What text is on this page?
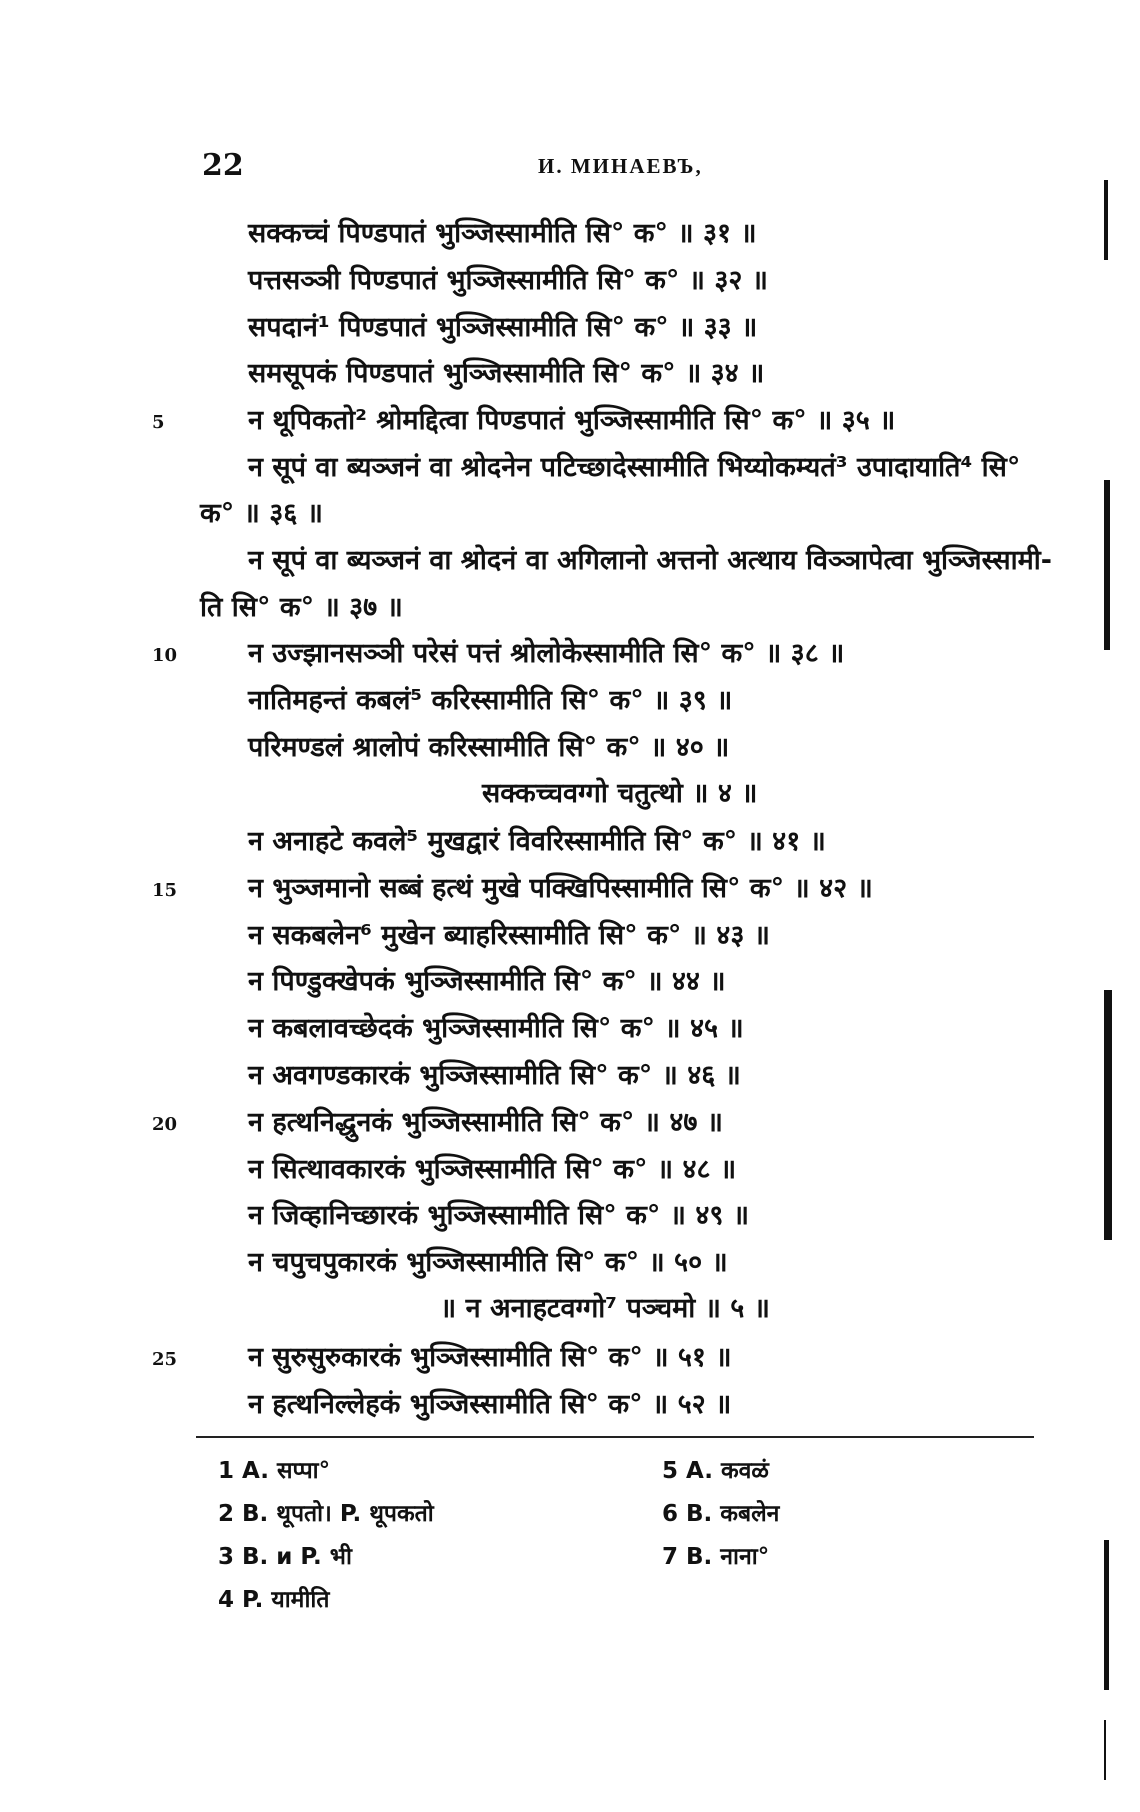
22	И. МИНАЕВЪ,
सक्कच्चं पिण्डपातं भुञ्जिस्सामीति सि° क° ॥ ३१ ॥
पत्तसञ्ञी पिण्डपातं भुञ्जिस्सामीति सि° क° ॥ ३२ ॥
सपदानं¹ पिण्डपातं भुञ्जिस्सामीति सि° क° ॥ ३३ ॥
समसूपकं पिण्डपातं भुञ्जिस्सामीति सि° क° ॥ ३४ ॥
न थूपिकतो² श्रोमद्दित्वा पिण्डपातं भुञ्जिस्सामीति सि° क° ॥ ३५ ॥
न सूपं वा ब्यञ्जनं वा श्रोदनेन पटिच्छादेस्सामीति भिय्योकम्यतं³ उपादायाति⁴ सि°
क° ॥ ३६ ॥
न सूपं वा ब्यञ्जनं वा श्रोदनं वा अगिलानो अत्तनो अत्थाय विञ्ञापेत्वा भुञ्जिस्सामी-
ति सि° क° ॥ ३७ ॥
न उज्झानसञ्ञी परेसं पत्तं श्रोलोकेस्सामीति सि° क° ॥ ३८ ॥
नातिमहन्तं कबलं⁵ करिस्सामीति सि° क° ॥ ३९ ॥
परिमण्डलं श्रालोपं करिस्सामीति सि° क° ॥ ४० ॥
सक्कच्चवग्गो चतुत्थो ॥ ४ ॥
न अनाहटे कवले⁵ मुखद्वारं विवरिस्सामीति सि° क° ॥ ४१ ॥
न भुञ्जमानो सब्बं हत्थं मुखे पक्खिपिस्सामीति सि° क° ॥ ४२ ॥
न सकबलेन⁶ मुखेन ब्याहरिस्सामीति सि° क° ॥ ४३ ॥
न पिण्डुक्खेपकं भुञ्जिस्सामीति सि° क° ॥ ४४ ॥
न कबलावच्छेदकं भुञ्जिस्सामीति सि° क° ॥ ४५ ॥
न अवगण्डकारकं भुञ्जिस्सामीति सि° क° ॥ ४६ ॥
न हत्थनिद्धुनकं भुञ्जिस्सामीति सि° क° ॥ ४७ ॥
न सित्थावकारकं भुञ्जिस्सामीति सि° क° ॥ ४८ ॥
न जिव्हानिच्छारकं भुञ्जिस्सामीति सि° क° ॥ ४९ ॥
न चपुचपुकारकं भुञ्जिस्सामीति सि° क° ॥ ५० ॥
॥ न अनाहटवग्गो⁷ पञ्चमो ॥ ५ ॥
न सुरुसुरुकारकं भुञ्जिस्सामीति सि° क° ॥ ५१ ॥
न हत्थनिल्लेहकं भुञ्जिस्सामीति सि° क° ॥ ५२ ॥
5
10
15
20
25
1 A. सप्पा°
2 B. थूपतो। P. थूपकतो
3 B. и P. भी
4 P. यामीति
5 A. कवळं
6 B. कबलेन
7 B. नाना°
